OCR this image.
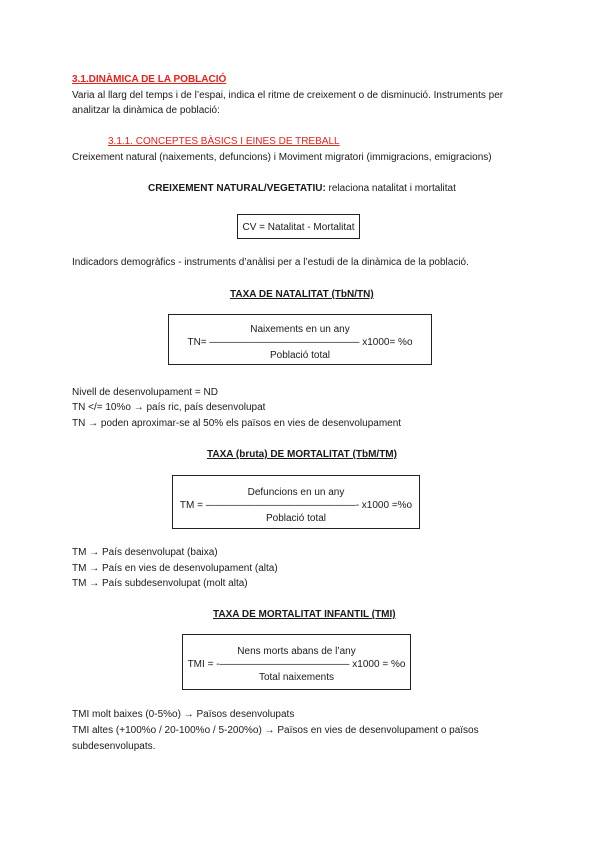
3.1.DINÀMICA DE LA POBLACIÓ
Varia al llarg del temps i de l’espai, indica el ritme de creixement o de disminució. Instruments per
analitzar la dinàmica de població:
3.1.1. CONCEPTES BÀSICS I EINES DE TREBALL
Creixement natural (naixements, defuncions) i Moviment migratori (immigracions, emigracions)
CREIXEMENT NATURAL/VEGETATIU: relaciona natalitat i mortalitat
CV = Natalitat - Mortalitat
Indicadors demogràfics - instruments d’anàlisi per a l’estudi de la dinàmica de la població.
TAXA DE NATALITAT (TbN/TN)
Naixements en un any
TN= ——————————————— x1000= %o
Població total
Nivell de desenvolupament = ND
TN </= 10%o → país ric, país desenvolupat
TN → poden aproximar-se al 50% els països en vies de desenvolupament
TAXA (bruta) DE MORTALITAT (TbM/TM)
Defuncions en un any
TM = ———————————————- x1000 =%o
Població total
TM → País desenvolupat (baixa)
TM → País en vies de desenvolupament (alta)
TM → País subdesenvolupat (molt alta)
TAXA DE MORTALITAT INFANTIL (TMI)
Nens morts abans de l’any
TMI = -————————————— x1000 = %o
Total naixements
TMI molt baixes (0-5%o) → Països desenvolupats
TMI altes (+100%o / 20-100%o / 5-200%o) → Països en vies de desenvolupament o països
subdesenvolupats.
